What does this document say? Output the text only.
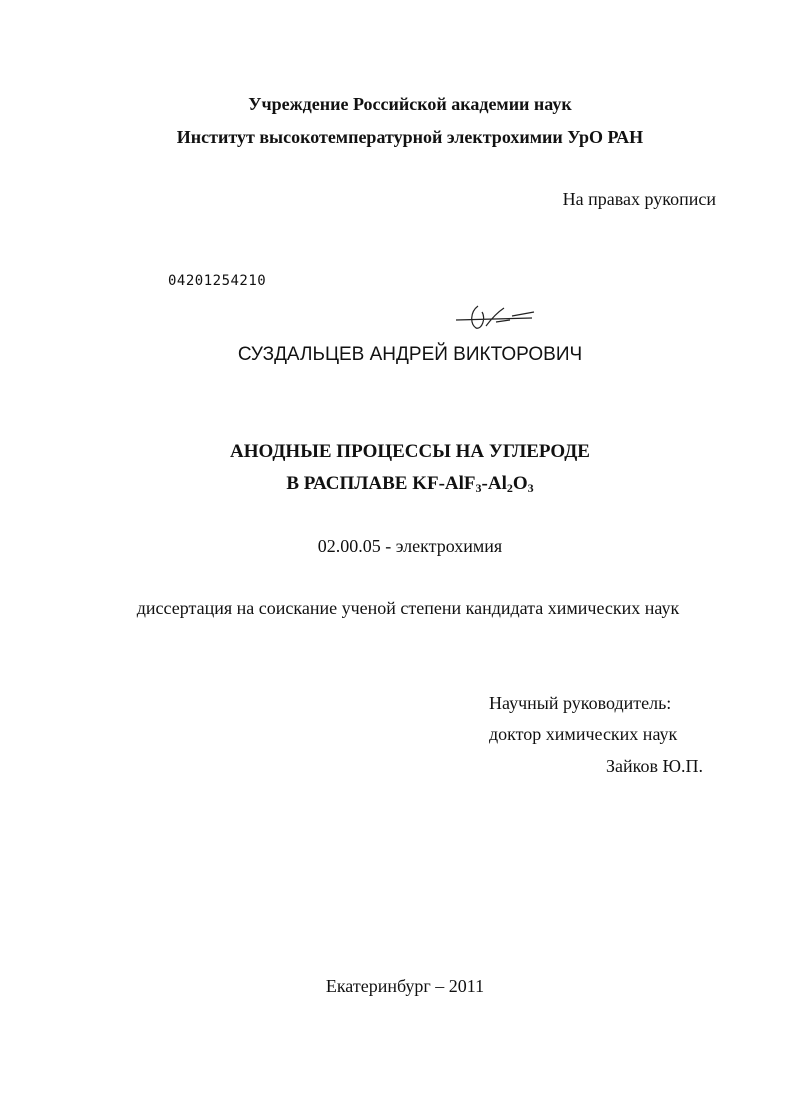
Учреждение Российской академии наук
Институт высокотемпературной электрохимии УрО РАН
На правах рукописи
04201254210
СУЗДАЛЬЦЕВ АНДРЕЙ ВИКТОРОВИЧ
АНОДНЫЕ ПРОЦЕССЫ НА УГЛЕРОДЕ
В РАСПЛАВЕ $KF-AlF_3-Al_2O_3$
02.00.05 - электрохимия
диссертация на соискание ученой степени кандидата химических наук
Научный руководитель:
доктор химических наук
Зайков Ю.П.
Екатеринбург – 2011
